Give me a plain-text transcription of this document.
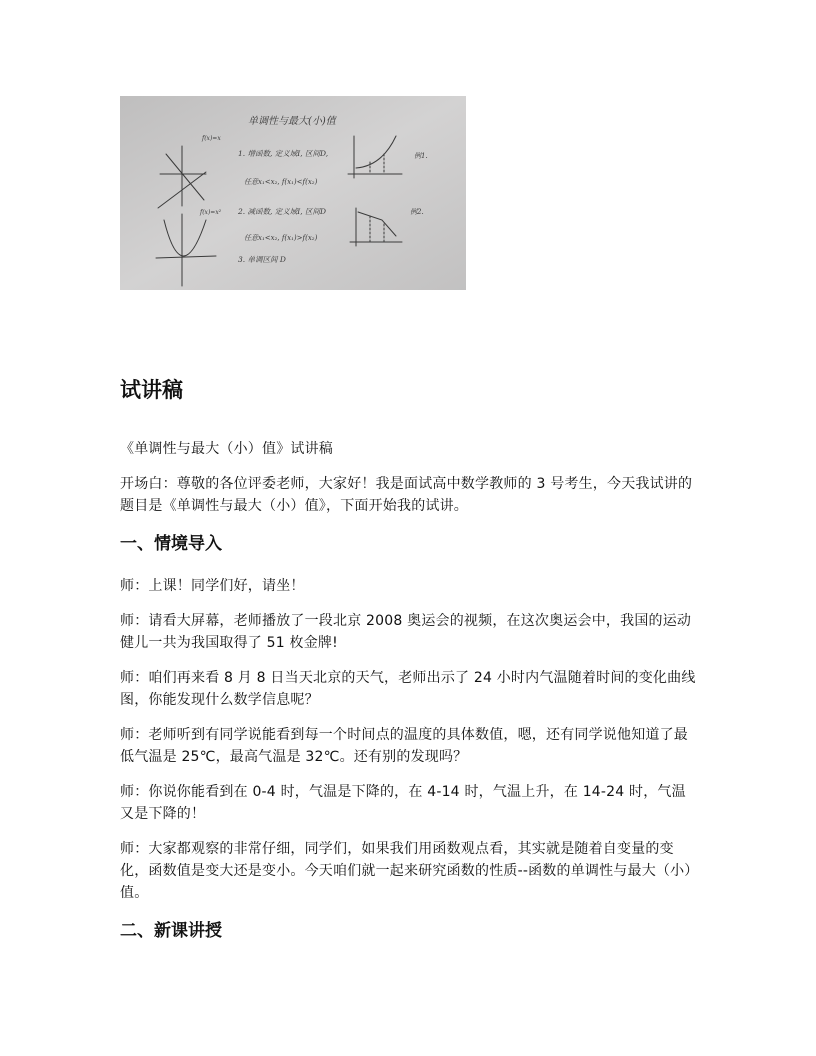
单调性与最大(小)值
f(x)=x
f(x)=x²
1. 增函数, 定义域I, 区间D,
任意x₁<x₂, f(x₁)<f(x₂)
2. 减函数, 定义域I, 区间D
任意x₁<x₂, f(x₁)>f(x₂)
3. 单调区间 D
例1.
例2.
试讲稿

《单调性与最大（小）值》试讲稿

开场白：尊敬的各位评委老师，大家好！我是面试高中数学教师的 3 号考生，今天我试讲的题目是《单调性与最大（小）值》，下面开始我的试讲。

一、情境导入

师：上课！同学们好，请坐！

师：请看大屏幕，老师播放了一段北京 2008 奥运会的视频，在这次奥运会中，我国的运动健儿一共为我国取得了 51 枚金牌!

师：咱们再来看 8 月 8 日当天北京的天气，老师出示了 24 小时内气温随着时间的变化曲线图，你能发现什么数学信息呢？

师：老师听到有同学说能看到每一个时间点的温度的具体数值，嗯，还有同学说他知道了最低气温是 25℃，最高气温是 32℃。还有别的发现吗？

师：你说你能看到在 0-4 时，气温是下降的，在 4-14 时，气温上升，在 14-24 时，气温又是下降的！

师：大家都观察的非常仔细，同学们，如果我们用函数观点看，其实就是随着自变量的变化，函数值是变大还是变小。今天咱们就一起来研究函数的性质--函数的单调性与最大（小）值。

二、新课讲授
